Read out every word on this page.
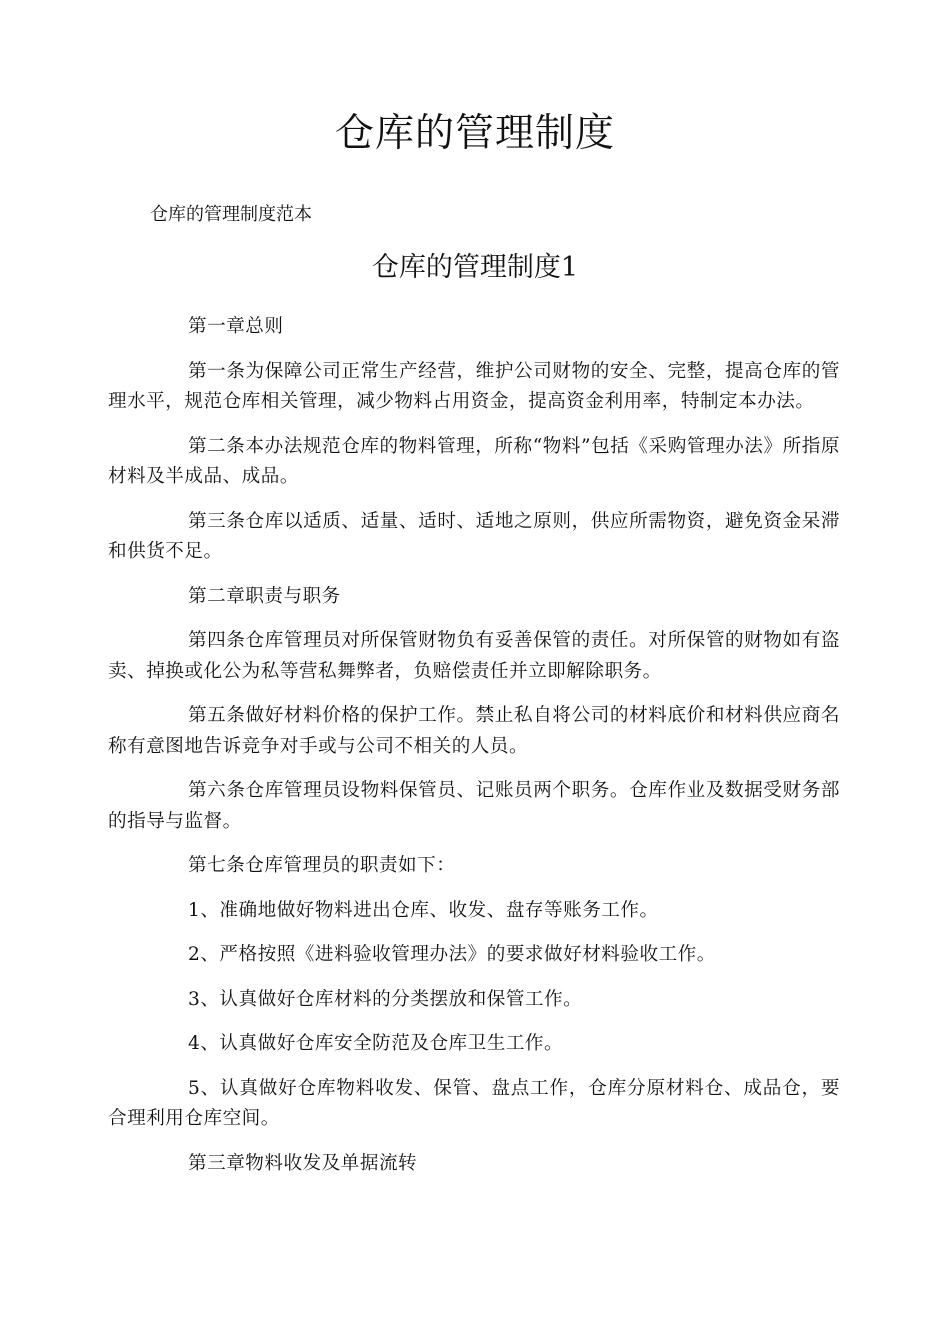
仓库的管理制度

仓库的管理制度范本

仓库的管理制度1

第一章总则

第一条为保障公司正常生产经营，维护公司财物的安全、完整，提高仓库的管理水平，规范仓库相关管理，减少物料占用资金，提高资金利用率，特制定本办法。

第二条本办法规范仓库的物料管理，所称“物料”包括《采购管理办法》所指原材料及半成品、成品。

第三条仓库以适质、适量、适时、适地之原则，供应所需物资，避免资金呆滞和供货不足。

第二章职责与职务

第四条仓库管理员对所保管财物负有妥善保管的责任。对所保管的财物如有盗卖、掉换或化公为私等营私舞弊者，负赔偿责任并立即解除职务。

第五条做好材料价格的保护工作。禁止私自将公司的材料底价和材料供应商名称有意图地告诉竞争对手或与公司不相关的人员。

第六条仓库管理员设物料保管员、记账员两个职务。仓库作业及数据受财务部的指导与监督。

第七条仓库管理员的职责如下：

1、准确地做好物料进出仓库、收发、盘存等账务工作。

2、严格按照《进料验收管理办法》的要求做好材料验收工作。

3、认真做好仓库材料的分类摆放和保管工作。

4、认真做好仓库安全防范及仓库卫生工作。

5、认真做好仓库物料收发、保管、盘点工作，仓库分原材料仓、成品仓，要合理利用仓库空间。

第三章物料收发及单据流转
